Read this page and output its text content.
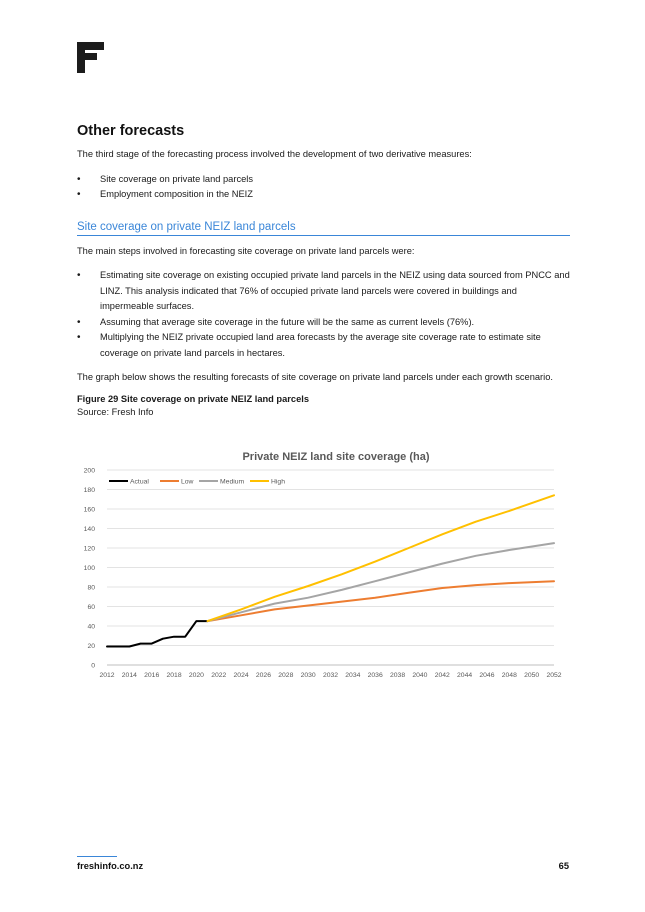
Other forecasts

The third stage of the forecasting process involved the development of two derivative measures:

• Site coverage on private land parcels
• Employment composition in the NEIZ
Site coverage on private NEIZ land parcels

The main steps involved in forecasting site coverage on private land parcels were:

• Estimating site coverage on existing occupied private land parcels in the NEIZ using data sourced from PNCC and LINZ. This analysis indicated that 76% of occupied private land parcels were covered in buildings and impermeable surfaces.
• Assuming that average site coverage in the future will be the same as current levels (76%).
• Multiplying the NEIZ private occupied land area forecasts by the average site coverage rate to estimate site coverage on private land parcels in hectares.

The graph below shows the resulting forecasts of site coverage on private land parcels under each growth scenario.

Figure 29 Site coverage on private NEIZ land parcels
Source: Fresh Info
Private NEIZ land site coverage (ha)
0
20
40
60
80
100
120
140
160
180
200
2012 2014 2016 2018 2020 2022 2024 2026 2028 2030 2032 2034 2036 2038 2040 2042 2044 2046 2048 2050 2052
Actual	Low	Medium	High
freshinfo.co.nz	65
